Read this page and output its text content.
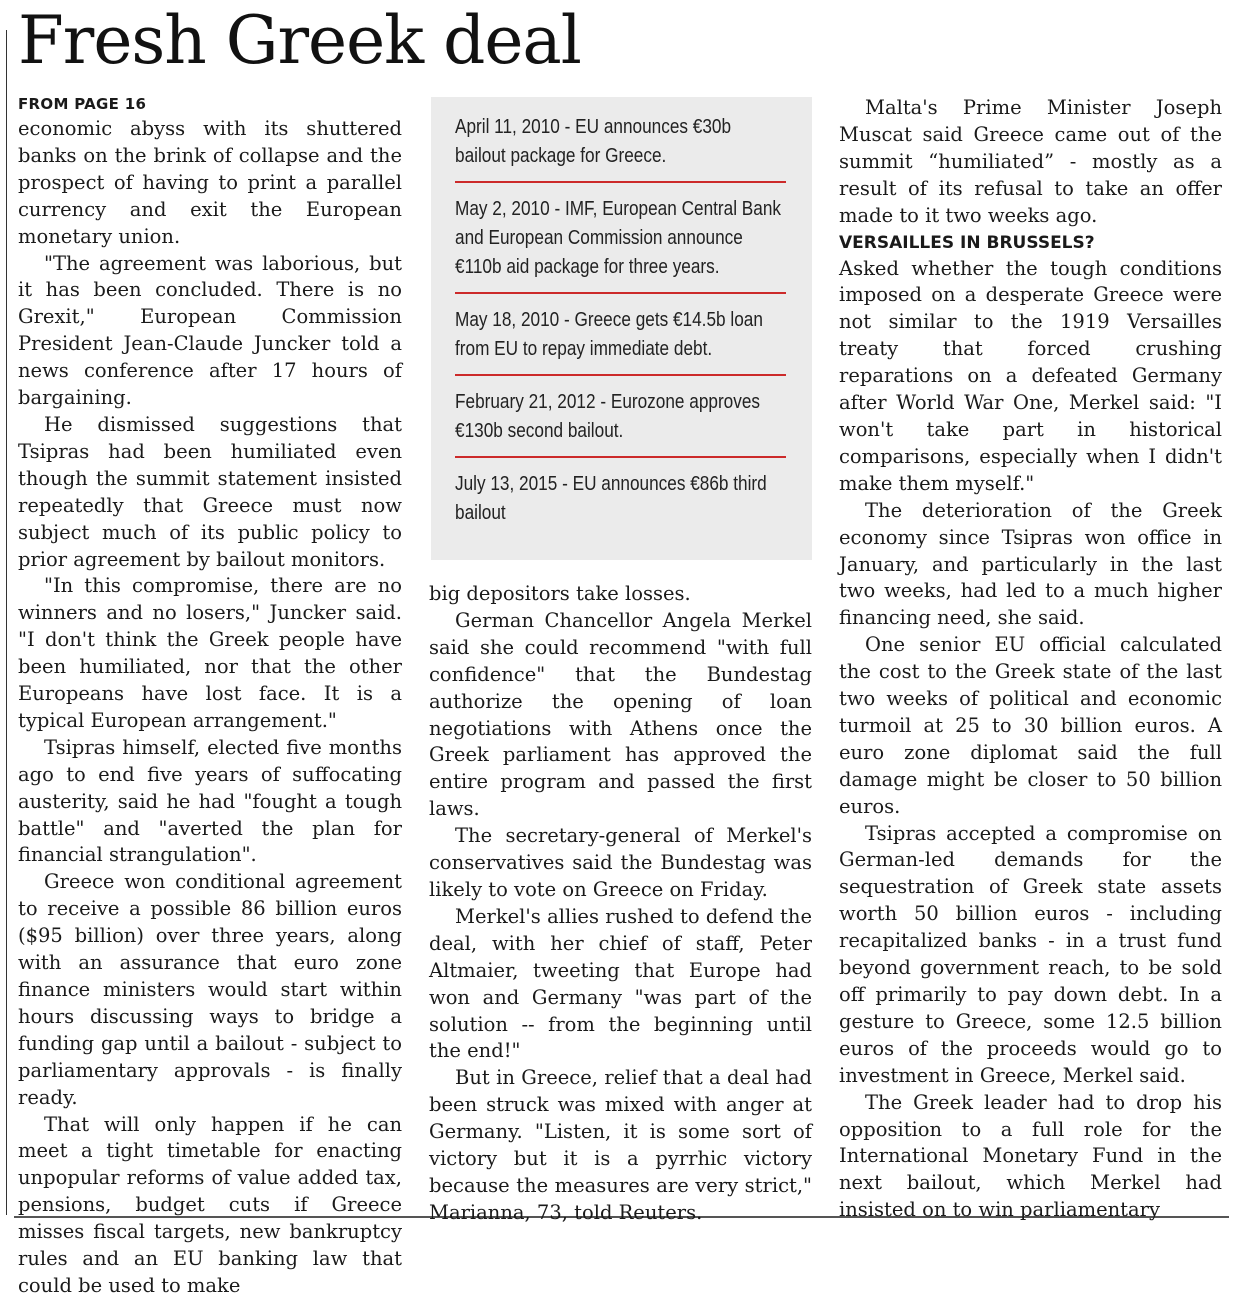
Fresh Greek deal
FROM PAGE 16

economic abyss with its shuttered banks on the brink of collapse and the prospect of having to print a parallel currency and exit the European monetary union.

"The agreement was laborious, but it has been concluded. There is no Grexit," European Commission President Jean-Claude Juncker told a news conference after 17 hours of bargaining.

He dismissed suggestions that Tsipras had been humiliated even though the summit statement insisted repeatedly that Greece must now subject much of its public policy to prior agreement by bailout monitors.

"In this compromise, there are no winners and no losers," Juncker said. "I don't think the Greek people have been humiliated, nor that the other Europeans have lost face. It is a typical European arrangement."

Tsipras himself, elected five months ago to end five years of suffocating austerity, said he had "fought a tough battle" and "averted the plan for financial strangulation".

Greece won conditional agreement to receive a possible 86 billion euros ($95 billion) over three years, along with an assurance that euro zone finance ministers would start within hours discussing ways to bridge a funding gap until a bailout - subject to parliamentary approvals - is finally ready.

That will only happen if he can meet a tight timetable for enacting unpopular reforms of value added tax, pensions, budget cuts if Greece misses fiscal targets, new bankruptcy rules and an EU banking law that could be used to make

April 11, 2010 - EU announces €30b bailout package for Greece.
May 2, 2010 - IMF, European Central Bank and European Commission announce €110b aid package for three years.
May 18, 2010 - Greece gets €14.5b loan from EU to repay immediate debt.
February 21, 2012 - Eurozone approves €130b second bailout.
July 13, 2015 - EU announces €86b third bailout

big depositors take losses.

German Chancellor Angela Merkel said she could recommend "with full confidence" that the Bundestag authorize the opening of loan negotiations with Athens once the Greek parliament has approved the entire program and passed the first laws.

The secretary-general of Merkel's conservatives said the Bundestag was likely to vote on Greece on Friday.

Merkel's allies rushed to defend the deal, with her chief of staff, Peter Altmaier, tweeting that Europe had won and Germany "was part of the solution -- from the beginning until the end!"

But in Greece, relief that a deal had been struck was mixed with anger at Germany. "Listen, it is some sort of victory but it is a pyrrhic victory because the measures are very strict," Marianna, 73, told Reuters.

Malta's Prime Minister Joseph Muscat said Greece came out of the summit “humiliated” - mostly as a result of its refusal to take an offer made to it two weeks ago.

VERSAILLES IN BRUSSELS?

Asked whether the tough conditions imposed on a desperate Greece were not similar to the 1919 Versailles treaty that forced crushing reparations on a defeated Germany after World War One, Merkel said: "I won't take part in historical comparisons, especially when I didn't make them myself."

The deterioration of the Greek economy since Tsipras won office in January, and particularly in the last two weeks, had led to a much higher financing need, she said.

One senior EU official calculated the cost to the Greek state of the last two weeks of political and economic turmoil at 25 to 30 billion euros. A euro zone diplomat said the full damage might be closer to 50 billion euros.

Tsipras accepted a compromise on German-led demands for the sequestration of Greek state assets worth 50 billion euros - including recapitalized banks - in a trust fund beyond government reach, to be sold off primarily to pay down debt. In a gesture to Greece, some 12.5 billion euros of the proceeds would go to investment in Greece, Merkel said.

The Greek leader had to drop his opposition to a full role for the International Monetary Fund in the next bailout, which Merkel had insisted on to win parliamentary
